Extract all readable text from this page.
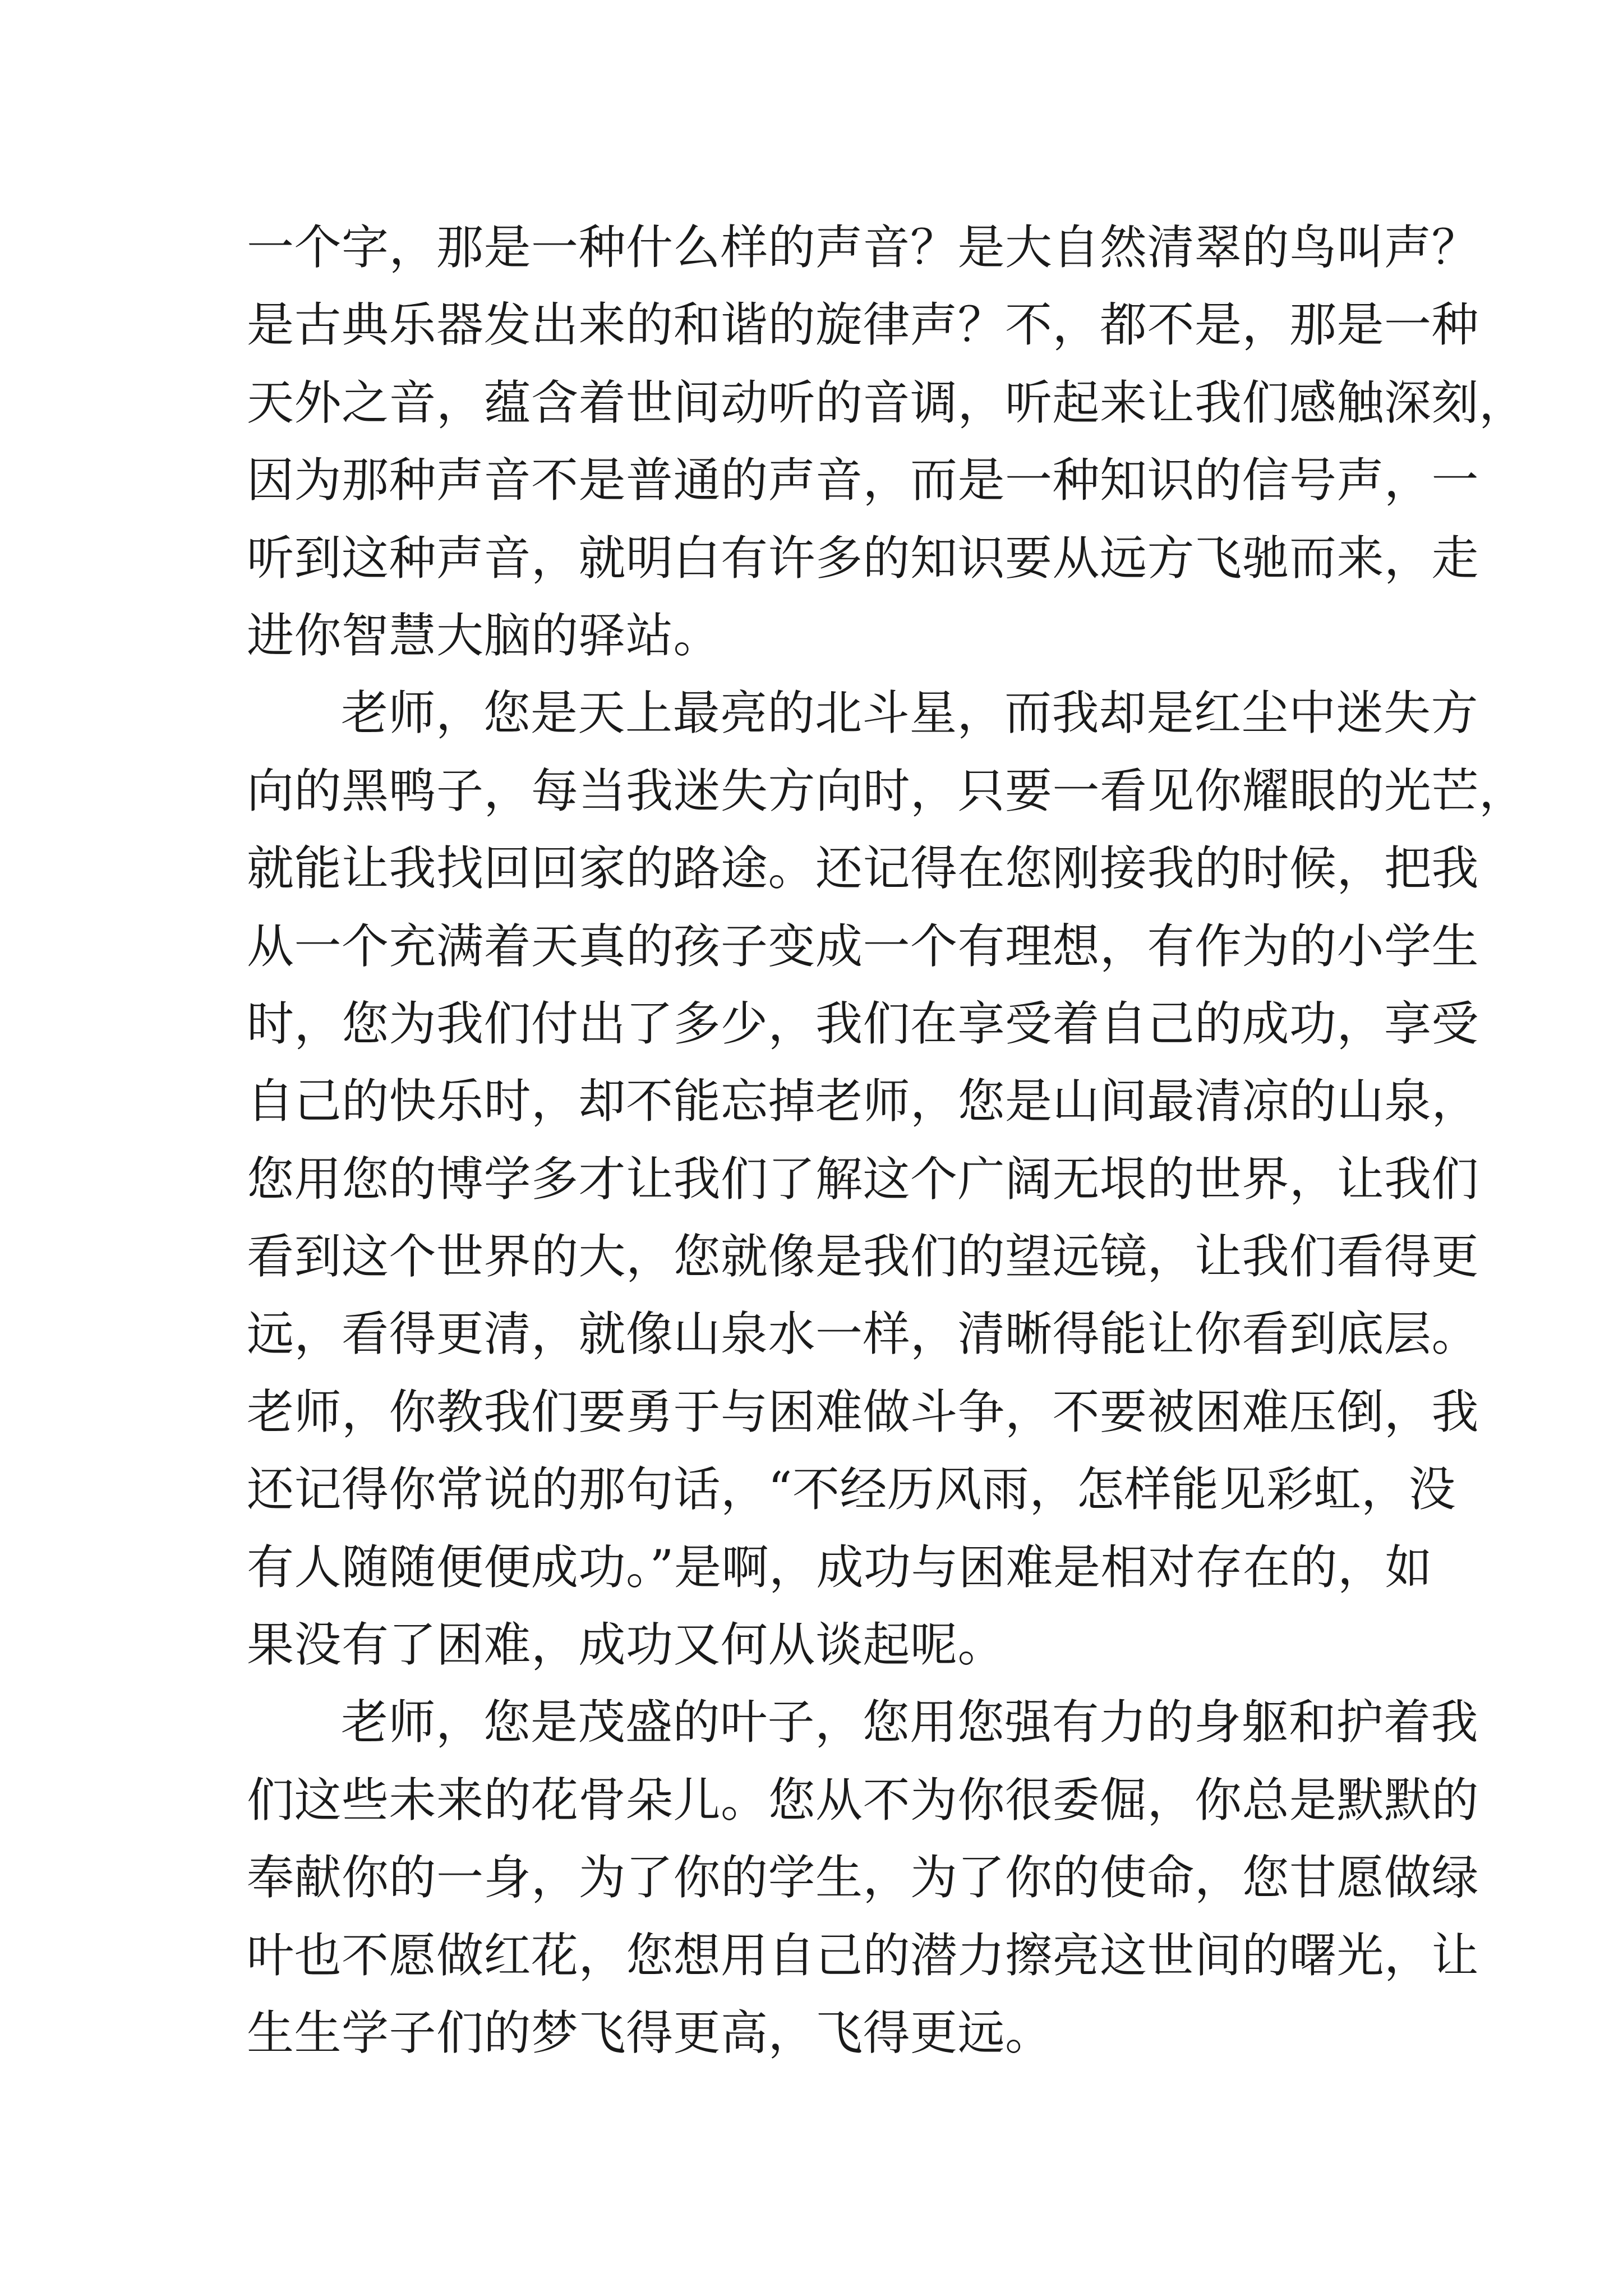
一个字，那是一种什么样的声音？是大自然清翠的鸟叫声？
是古典乐器发出来的和谐的旋律声？不，都不是，那是一种
天外之音，蕴含着世间动听的音调，听起来让我们感触深刻，
因为那种声音不是普通的声音，而是一种知识的信号声，一
听到这种声音，就明白有许多的知识要从远方飞驰而来，走
进你智慧大脑的驿站。
老师，您是天上最亮的北斗星，而我却是红尘中迷失方
向的黑鸭子，每当我迷失方向时，只要一看见你耀眼的光芒，
就能让我找回回家的路途。还记得在您刚接我的时候，把我
从一个充满着天真的孩子变成一个有理想，有作为的小学生
时，您为我们付出了多少，我们在享受着自己的成功，享受
自己的快乐时，却不能忘掉老师，您是山间最清凉的山泉，
您用您的博学多才让我们了解这个广阔无垠的世界，让我们
看到这个世界的大，您就像是我们的望远镜，让我们看得更
远，看得更清，就像山泉水一样，清晰得能让你看到底层。
老师，你教我们要勇于与困难做斗争，不要被困难压倒，我
还记得你常说的那句话，“不经历风雨，怎样能见彩虹，没
有人随随便便成功。”是啊，成功与困难是相对存在的，如
果没有了困难，成功又何从谈起呢。
老师，您是茂盛的叶子，您用您强有力的身躯和护着我
们这些未来的花骨朵儿。您从不为你很委倔，你总是默默的
奉献你的一身，为了你的学生，为了你的使命，您甘愿做绿
叶也不愿做红花，您想用自己的潜力擦亮这世间的曙光，让
生生学子们的梦飞得更高，飞得更远。
